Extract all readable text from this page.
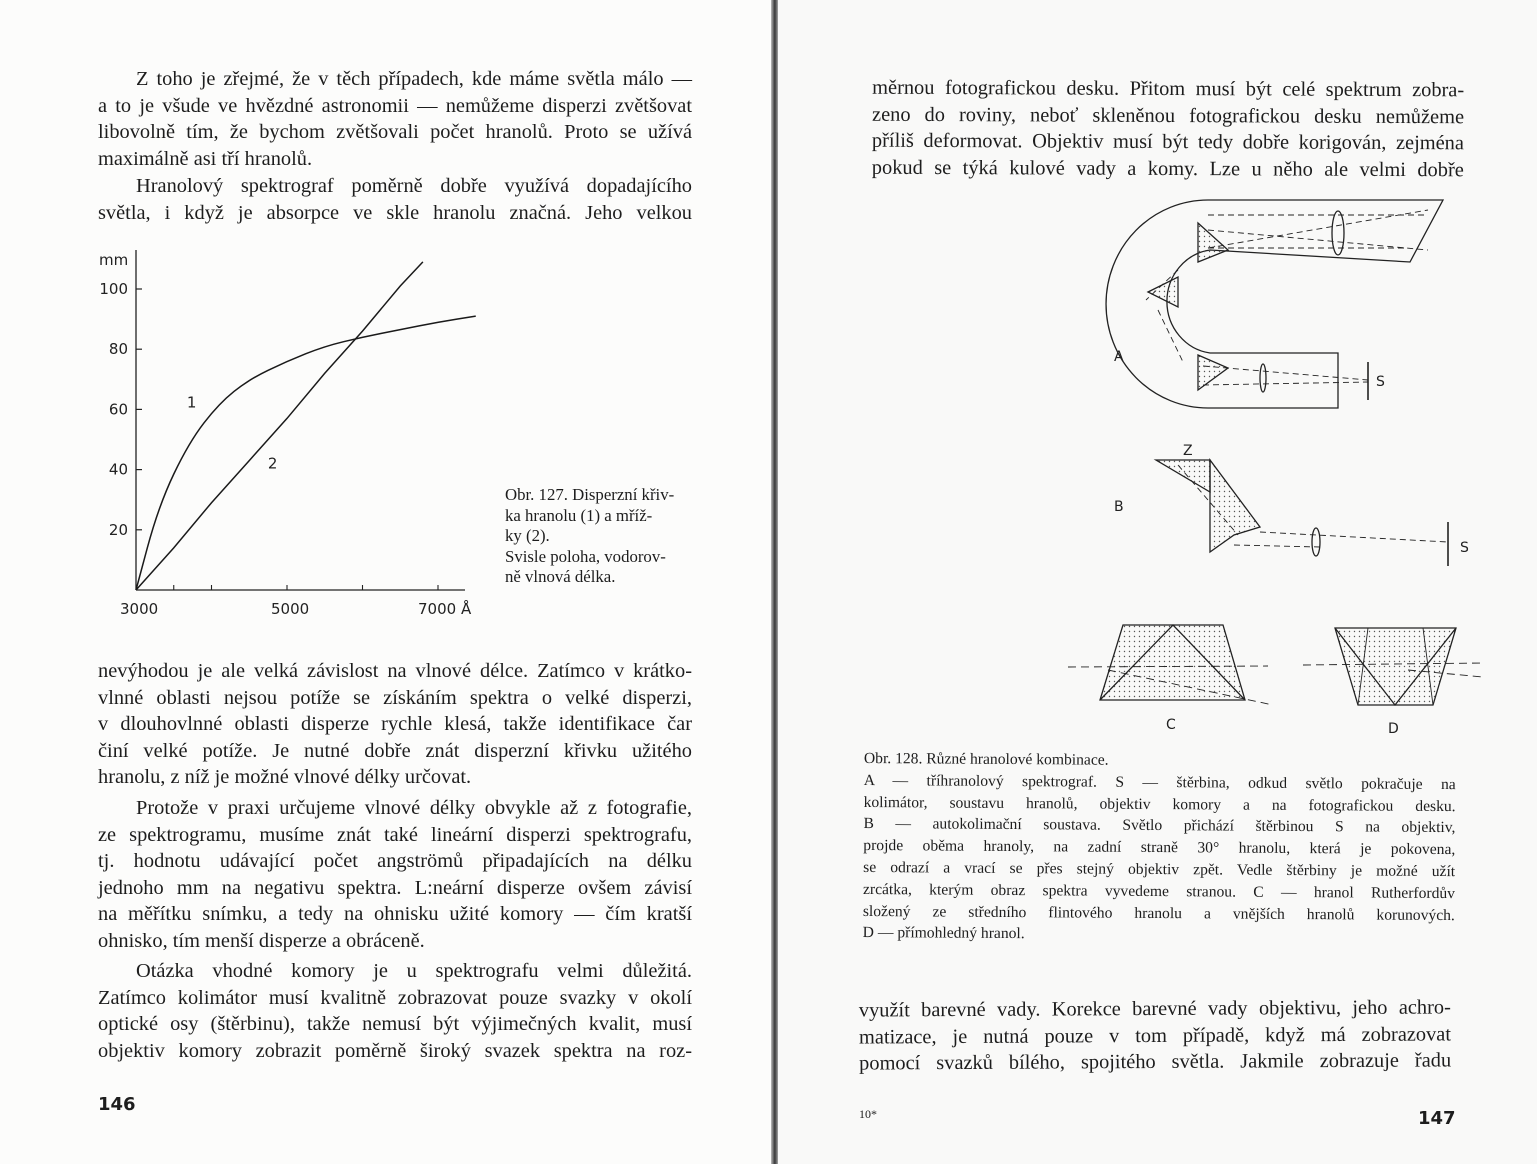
Z toho je zřejmé, že v těch případech, kde máme světla málo —
a to je všude ve hvězdné astronomii — nemůžeme disperzi zvětšovat
libovolně tím, že bychom zvětšovali počet hranolů. Proto se užívá
maximálně asi tří hranolů.
Hranolový spektrograf poměrně dobře využívá dopadajícího
světla, i když je absorpce ve skle hranolu značná. Jeho velkou
mm
20
40
60
80
100
3000	5000	7000 Å
1
2
Obr. 127. Disperzní křiv-
ka hranolu (1) a mříž-
ky (2).
Svisle poloha, vodorov-
ně vlnová délka.
nevýhodou je ale velká závislost na vlnové délce. Zatímco v krátko-
vlnné oblasti nejsou potíže se získáním spektra o velké disperzi,
v dlouhovlnné oblasti disperze rychle klesá, takže identifikace čar
činí velké potíže. Je nutné dobře znát disperzní křivku užitého
hranolu, z níž je možné vlnové délky určovat.
Protože v praxi určujeme vlnové délky obvykle až z fotografie,
ze spektrogramu, musíme znát také lineární disperzi spektrografu,
tj. hodnotu udávající počet angströmů připadajících na délku
jednoho mm na negativu spektra. L:neární disperze ovšem závisí
na měřítku snímku, a tedy na ohnisku užité komory — čím kratší
ohnisko, tím menší disperze a obráceně.
Otázka vhodné komory je u spektrografu velmi důležitá.
Zatímco kolimátor musí kvalitně zobrazovat pouze svazky v okolí
optické osy (štěrbinu), takže nemusí být výjimečných kvalit, musí
objektiv komory zobrazit poměrně široký svazek spektra na roz-
146
měrnou fotografickou desku. Přitom musí být celé spektrum zobra-
zeno do roviny, neboť skleněnou fotografickou desku nemůžeme
příliš deformovat. Objektiv musí být tedy dobře korigován, zejména
pokud se týká kulové vady a komy. Lze u něho ale velmi dobře
A
S
Z
B
S
C	D
Obr. 128. Různé hranolové kombinace.
A — tříhranolový spektrograf. S — štěrbina, odkud světlo pokračuje na
kolimátor, soustavu hranolů, objektiv komory a na fotografickou desku.
B — autokolimační soustava. Světlo přichází štěrbinou S na objektiv,
projde oběma hranoly, na zadní straně 30° hranolu, která je pokovena,
se odrazí a vrací se přes stejný objektiv zpět. Vedle štěrbiny je možné užít
zrcátka, kterým obraz spektra vyvedeme stranou. C — hranol Rutherfordův
složený ze středního flintového hranolu a vnějších hranolů korunových.
D — přímohledný hranol.
využít barevné vady. Korekce barevné vady objektivu, jeho achro-
matizace, je nutná pouze v tom případě, když má zobrazovat
pomocí svazků bílého, spojitého světla. Jakmile zobrazuje řadu
10*	147
